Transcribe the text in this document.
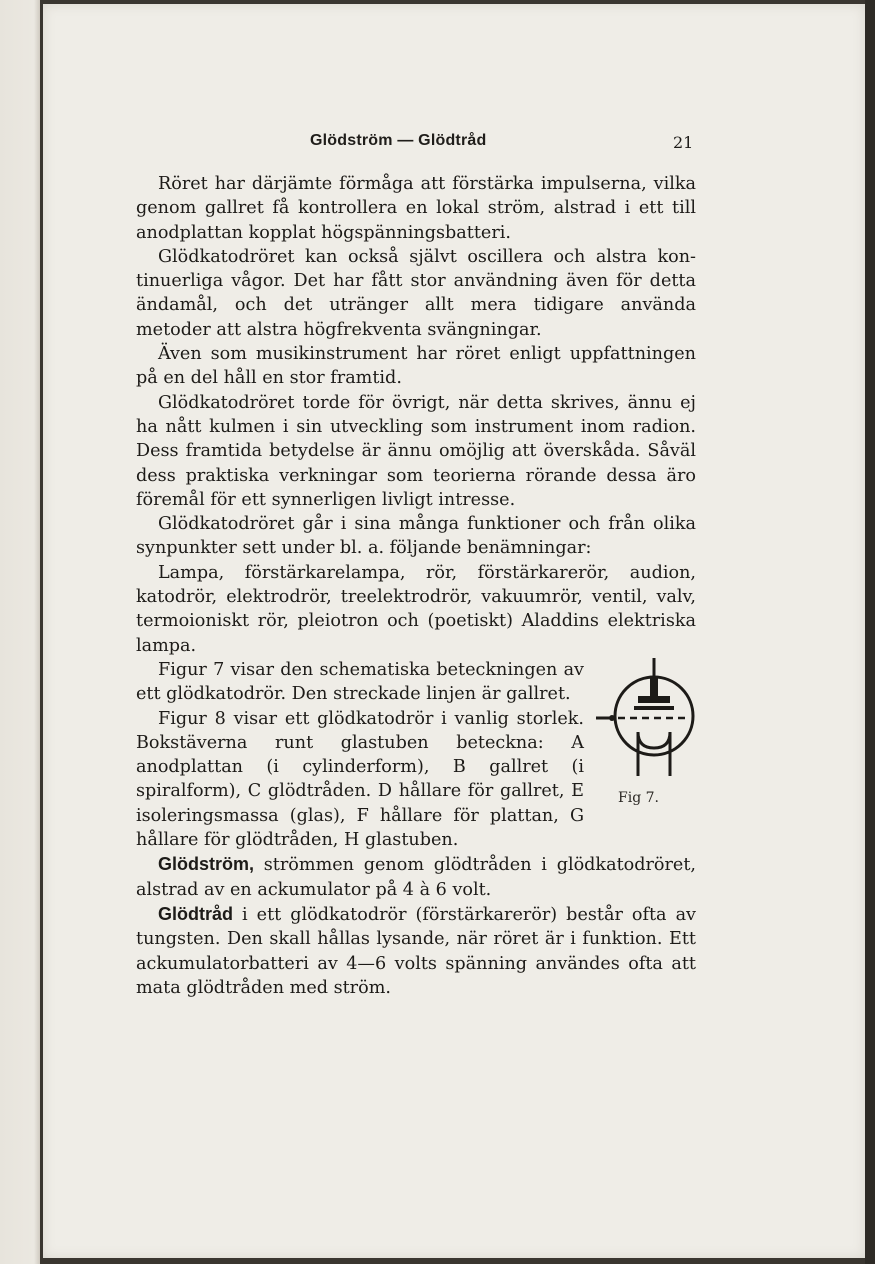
Glödström — Glödtråd	21

Röret har därjämte förmåga att förstärka impulserna, vilka genom gallret få kontrollera en lokal ström, alstrad i ett till anodplattan kopplat högspänningsbatteri.

Glödkatodröret kan också självt oscillera och alstra kontinuerliga vågor. Det har fått stor användning även för detta ändamål, och det utränger allt mera tidigare använda metoder att alstra högfrekventa svängningar.

Även som musikinstrument har röret enligt uppfattningen på en del håll en stor framtid.

Glödkatodröret torde för övrigt, när detta skrives, ännu ej ha nått kulmen i sin utveckling som instrument inom radion. Dess framtida betydelse är ännu omöjlig att överskåda. Såväl dess praktiska verkningar som teorierna rörande dessa äro föremål för ett synnerligen livligt intresse.

Glödkatodröret går i sina många funktioner och från olika synpunkter sett under bl. a. följande benämningar:

Lampa, förstärkarelampa, rör, förstärkarerör, audion, katodrör, elektrodrör, treelektrodrör, vakuumrör, ventil, valv, termoioniskt rör, pleiotron och (poetiskt) Aladdins elektriska lampa.

Fig 7.

Figur 7 visar den schematiska beteckningen av ett glödkatodrör. Den streckade linjen är gallret.

Figur 8 visar ett glödkatodrör i vanlig storlek. Bokstäverna runt glastuben beteckna: A anodplattan (i cylinderform), B gallret (i spiralform), C glödtråden. D hållare för gallret, E isoleringsmassa (glas), F hållare för plattan, G hållare för glödtråden, H glastuben.

Glödström, strömmen genom glödtråden i glödkatodröret, alstrad av en ackumulator på 4 à 6 volt.

Glödtråd i ett glödkatodrör (förstärkarerör) består ofta av tungsten. Den skall hållas lysande, när röret är i funktion. Ett ackumulatorbatteri av 4—6 volts spänning användes ofta att mata glödtråden med ström.
